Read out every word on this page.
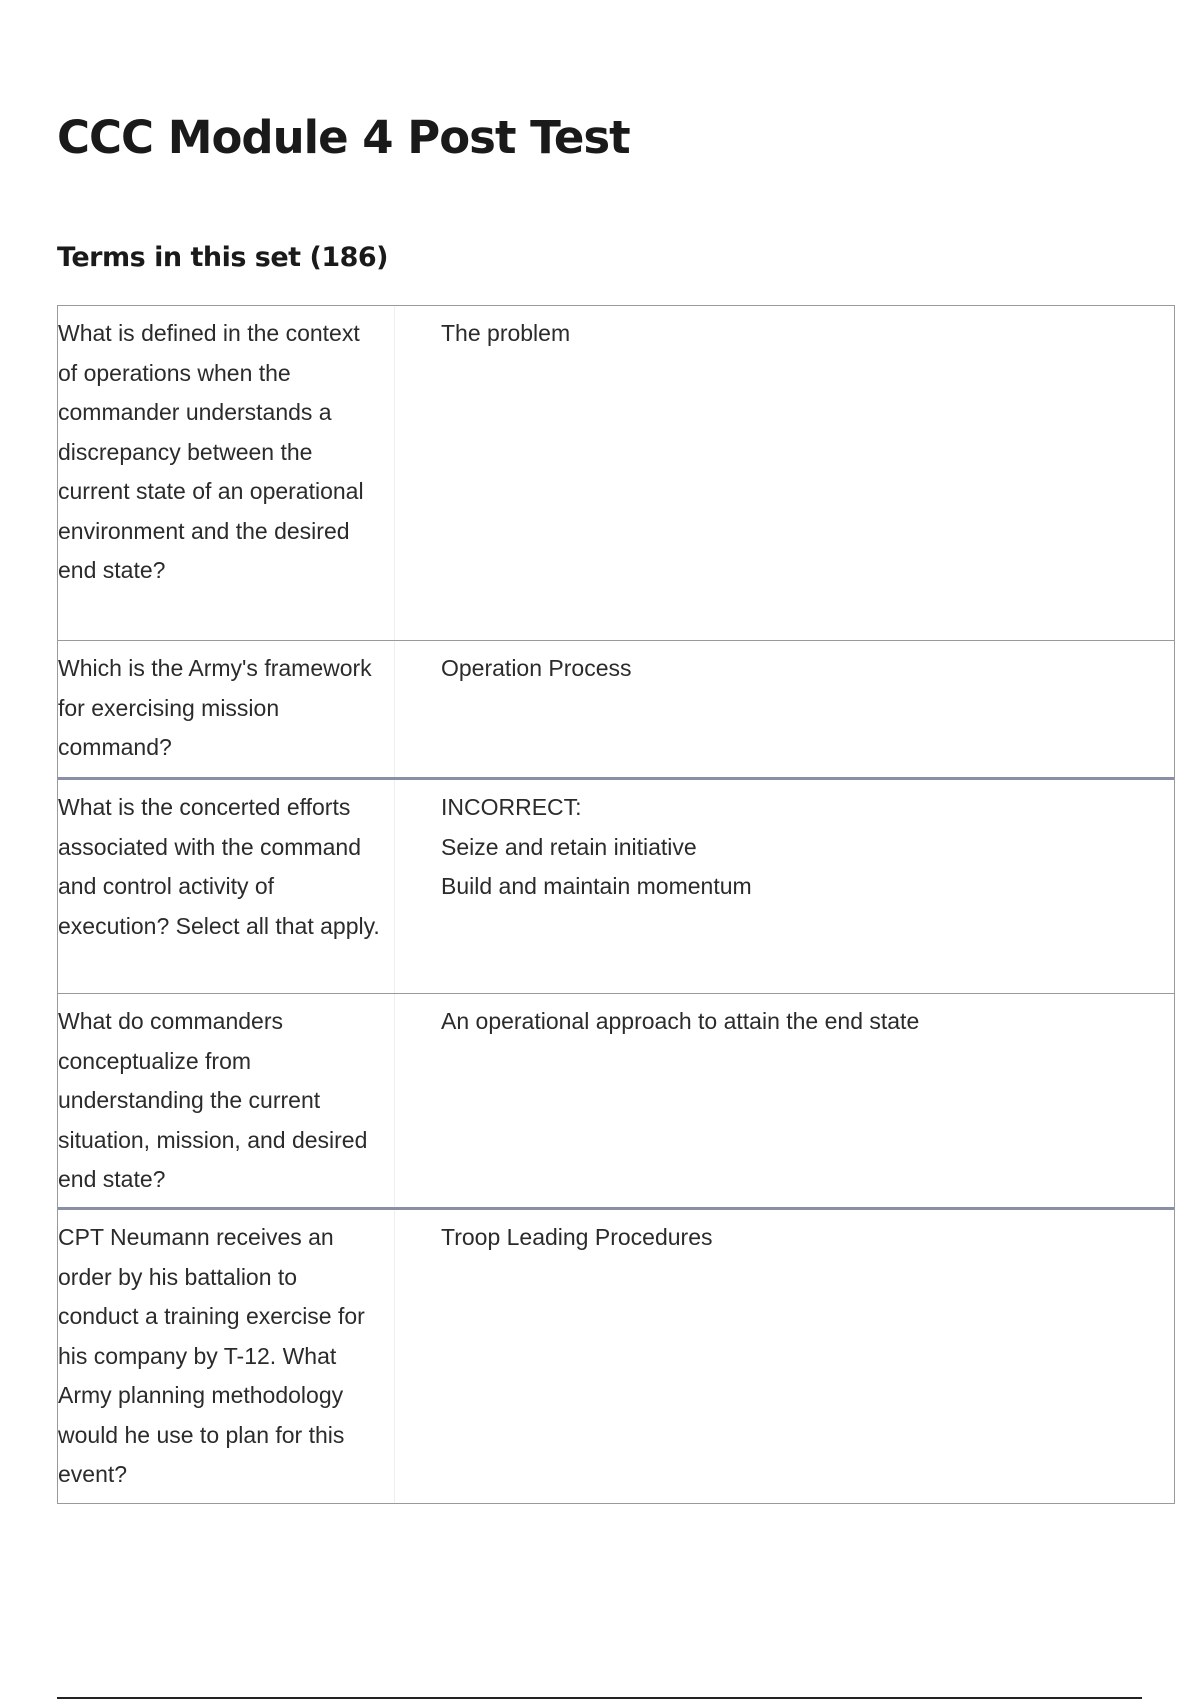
CCC Module 4 Post Test
Terms in this set (186)
What is defined in the context of operations when the commander understands a discrepancy between the current state of an operational environment and the desired end state?
The problem
Which is the Army's framework for exercising mission command?
Operation Process
What is the concerted efforts associated with the command and control activity of execution? Select all that apply.
INCORRECT:
Seize and retain initiative
Build and maintain momentum
What do commanders conceptualize from understanding the current situation, mission, and desired end state?
An operational approach to attain the end state
CPT Neumann receives an order by his battalion to conduct a training exercise for his company by T-12. What Army planning methodology would he use to plan for this event?
Troop Leading Procedures
